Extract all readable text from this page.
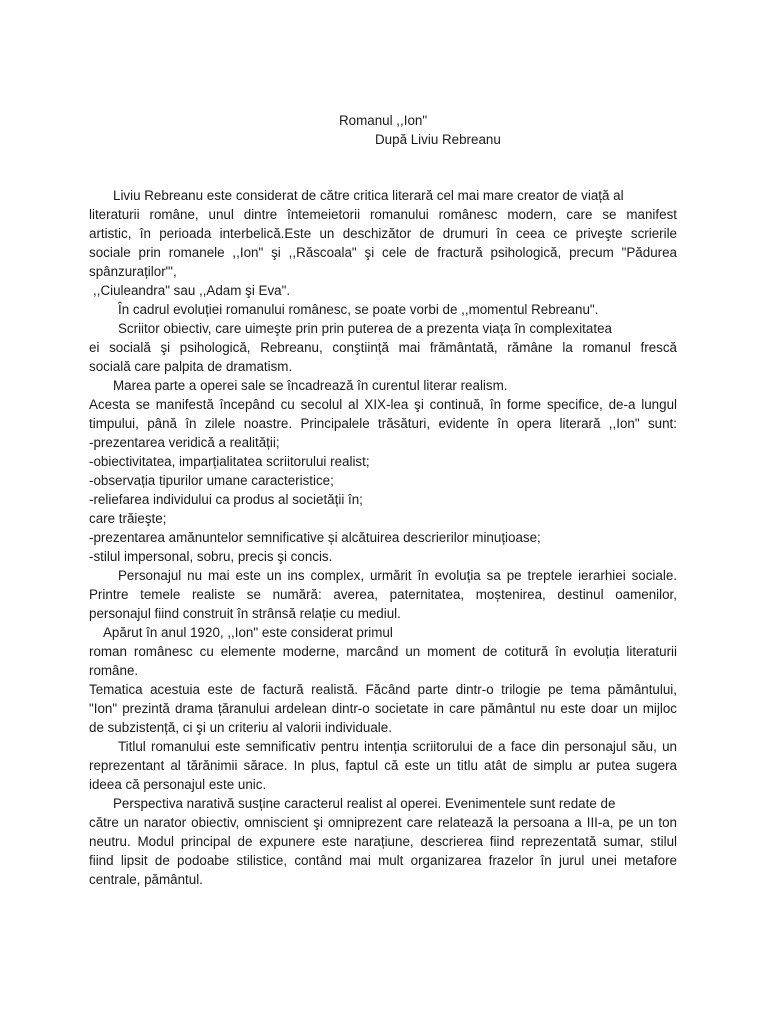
Romanul ,,Ion"
După Liviu Rebreanu
Liviu Rebreanu este considerat de către critica literară cel mai mare creator de viață al
literaturii române, unul dintre întemeietorii romanului românesc modern, care se manifest
artistic, în perioada interbelică.Este un deschizător de drumuri în ceea ce priveşte scrierile
sociale prin romanele ,,Ion" şi ,,Răscoala" şi cele de fractură psihologică, precum "Pădurea
spânzuraților"',
,,Ciuleandra" sau ,,Adam şi Eva".
În cadrul evoluției romanului românesc, se poate vorbi de ,,momentul Rebreanu".
Scriitor obiectiv, care uimeşte prin prin puterea de a prezenta viața în complexitatea
ei socială şi psihologică, Rebreanu, conştiință mai frământată, rămâne la romanul frescă
socială care palpita de dramatism.
Marea parte a operei sale se încadrează în curentul literar realism.
Acesta se manifestă începând cu secolul al XIX-lea şi continuă, în forme specifice, de-a lungul
timpului, până în zilele noastre. Principalele trăsături, evidente în opera literară ,,Ion" sunt:
-prezentarea veridică a realității;
-obiectivitatea, imparțialitatea scriitorului realist;
-observația tipurilor umane caracteristice;
-reliefarea individului ca produs al societății în;
care trăieşte;
-prezentarea amănuntelor semnificative și alcătuirea descrierilor minuțioase;
-stilul impersonal, sobru, precis şi concis.
Personajul nu mai este un ins complex, urmărit în evoluția sa pe treptele ierarhiei sociale.
Printre temele realiste se numără: averea, paternitatea, moștenirea, destinul oamenilor,
personajul fiind construit în strânsă relație cu mediul.
Apărut în anul 1920, ,,Ion" este considerat primul
roman românesc cu elemente moderne, marcând un moment de cotitură în evoluția literaturii
române.
Tematica acestuia este de factură realistă. Făcând parte dintr-o trilogie pe tema pământului,
"Ion" prezintă drama țăranului ardelean dintr-o societate in care pământul nu este doar un mijloc
de subzistență, ci şi un criteriu al valorii individuale.
Titlul romanului este semnificativ pentru intenția scriitorului de a face din personajul său, un
reprezentant al tărănimii sărace. In plus, faptul că este un titlu atât de simplu ar putea sugera
ideea că personajul este unic.
Perspectiva narativă susține caracterul realist al operei. Evenimentele sunt redate de
către un narator obiectiv, omniscient şi omniprezent care relatează la persoana a III-a, pe un ton
neutru. Modul principal de expunere este narațiune, descrierea fiind reprezentată sumar, stilul
fiind lipsit de podoabe stilistice, contând mai mult organizarea frazelor în jurul unei metafore
centrale, pământul.
